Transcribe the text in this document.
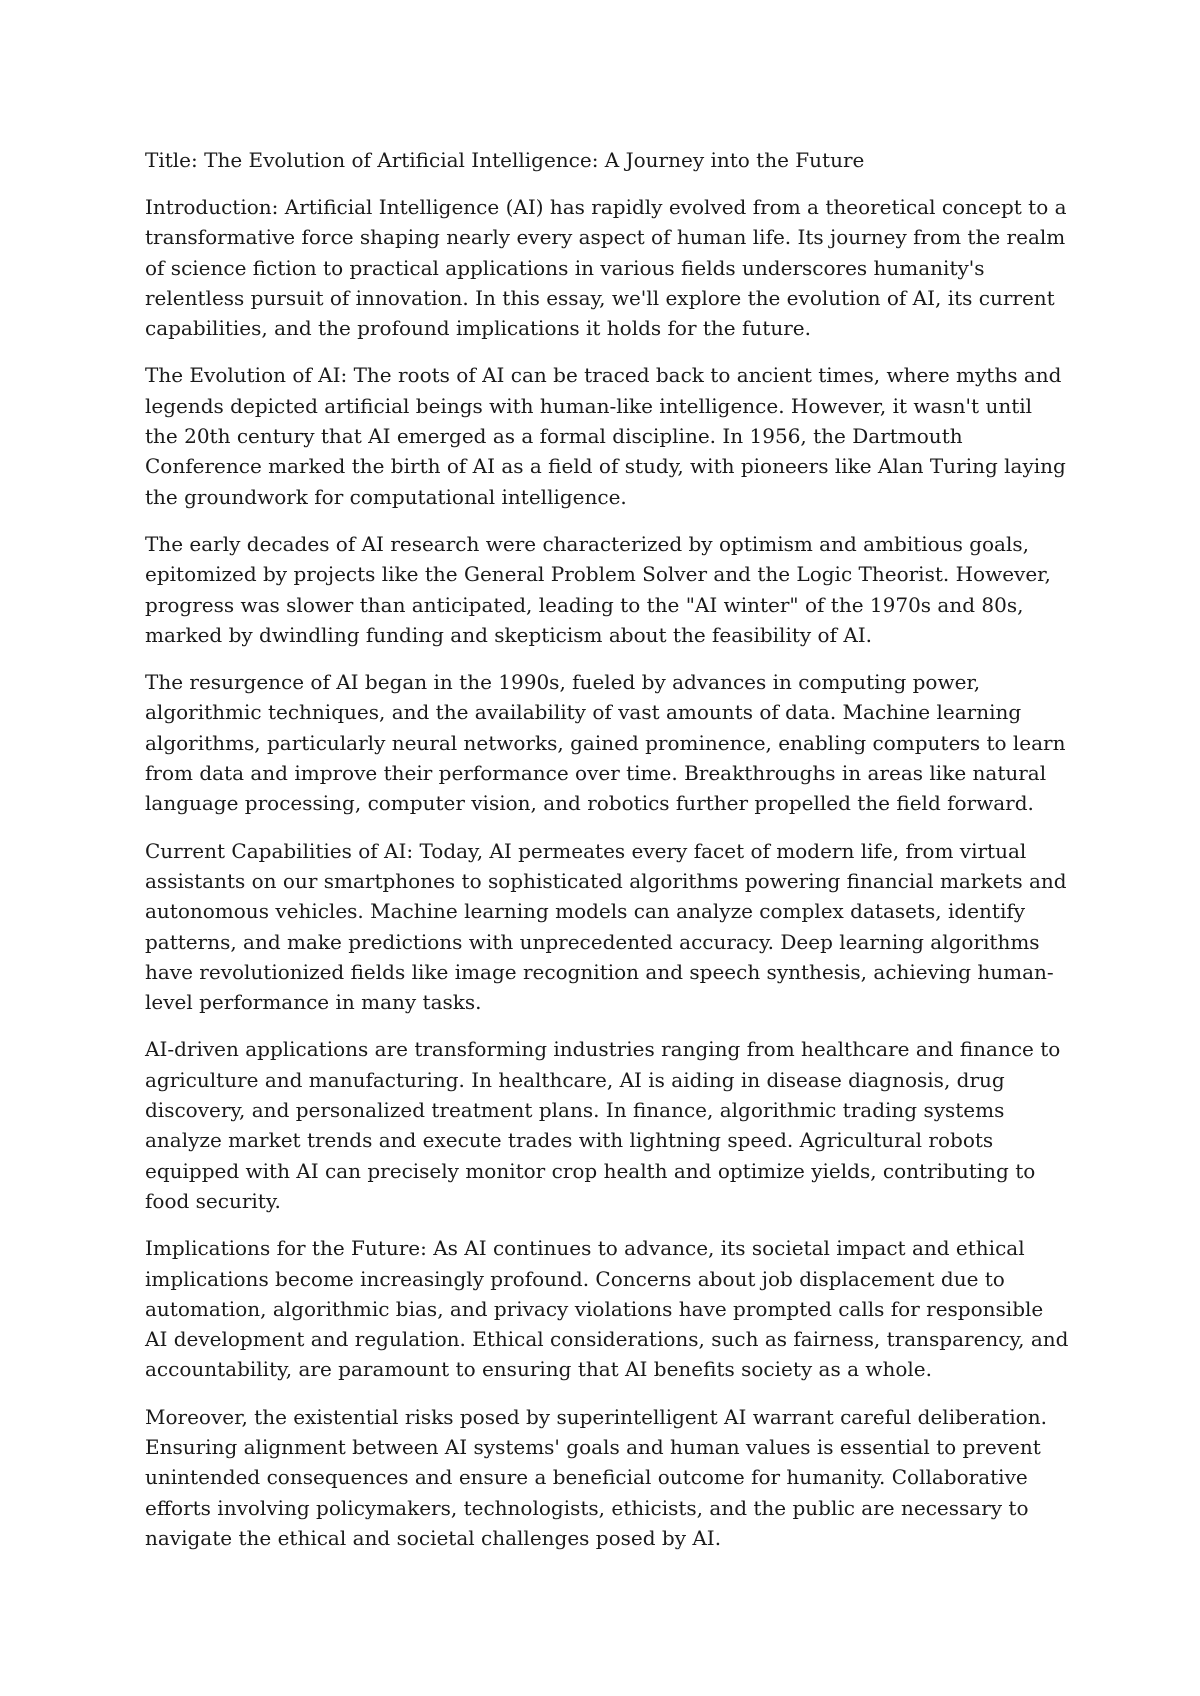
Title: The Evolution of Artificial Intelligence: A Journey into the Future

Introduction: Artificial Intelligence (AI) has rapidly evolved from a theoretical concept to a transformative force shaping nearly every aspect of human life. Its journey from the realm of science fiction to practical applications in various fields underscores humanity's relentless pursuit of innovation. In this essay, we'll explore the evolution of AI, its current capabilities, and the profound implications it holds for the future.

The Evolution of AI: The roots of AI can be traced back to ancient times, where myths and legends depicted artificial beings with human-like intelligence. However, it wasn't until the 20th century that AI emerged as a formal discipline. In 1956, the Dartmouth Conference marked the birth of AI as a field of study, with pioneers like Alan Turing laying the groundwork for computational intelligence.

The early decades of AI research were characterized by optimism and ambitious goals, epitomized by projects like the General Problem Solver and the Logic Theorist. However, progress was slower than anticipated, leading to the "AI winter" of the 1970s and 80s, marked by dwindling funding and skepticism about the feasibility of AI.

The resurgence of AI began in the 1990s, fueled by advances in computing power, algorithmic techniques, and the availability of vast amounts of data. Machine learning algorithms, particularly neural networks, gained prominence, enabling computers to learn from data and improve their performance over time. Breakthroughs in areas like natural language processing, computer vision, and robotics further propelled the field forward.

Current Capabilities of AI: Today, AI permeates every facet of modern life, from virtual assistants on our smartphones to sophisticated algorithms powering financial markets and autonomous vehicles. Machine learning models can analyze complex datasets, identify patterns, and make predictions with unprecedented accuracy. Deep learning algorithms have revolutionized fields like image recognition and speech synthesis, achieving human-level performance in many tasks.

AI-driven applications are transforming industries ranging from healthcare and finance to agriculture and manufacturing. In healthcare, AI is aiding in disease diagnosis, drug discovery, and personalized treatment plans. In finance, algorithmic trading systems analyze market trends and execute trades with lightning speed. Agricultural robots equipped with AI can precisely monitor crop health and optimize yields, contributing to food security.

Implications for the Future: As AI continues to advance, its societal impact and ethical implications become increasingly profound. Concerns about job displacement due to automation, algorithmic bias, and privacy violations have prompted calls for responsible AI development and regulation. Ethical considerations, such as fairness, transparency, and accountability, are paramount to ensuring that AI benefits society as a whole.

Moreover, the existential risks posed by superintelligent AI warrant careful deliberation. Ensuring alignment between AI systems' goals and human values is essential to prevent unintended consequences and ensure a beneficial outcome for humanity. Collaborative efforts involving policymakers, technologists, ethicists, and the public are necessary to navigate the ethical and societal challenges posed by AI.
